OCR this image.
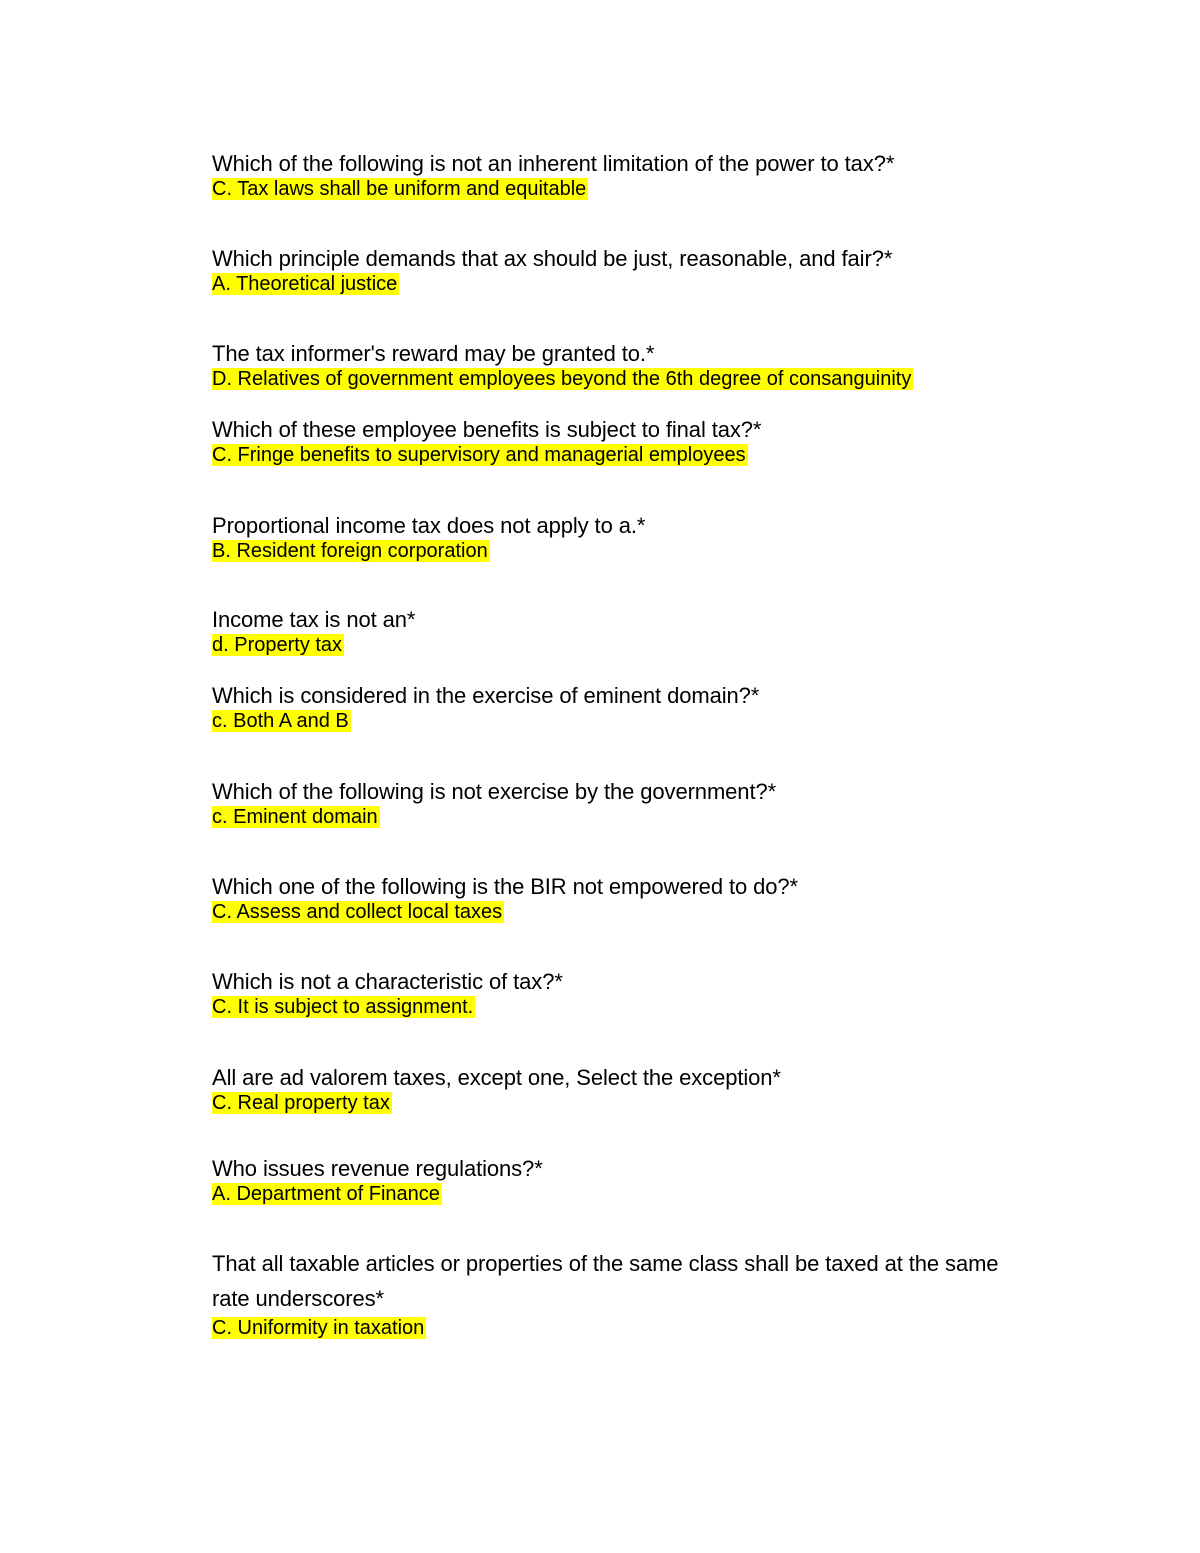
Which of the following is not an inherent limitation of the power to tax?*

C. Tax laws shall be uniform and equitable

Which principle demands that ax should be just, reasonable, and fair?*

A. Theoretical justice

The tax informer's reward may be granted to.*

D. Relatives of government employees beyond the 6th degree of consanguinity

Which of these employee benefits is subject to final tax?*

C. Fringe benefits to supervisory and managerial employees

Proportional income tax does not apply to a.*

B. Resident foreign corporation

Income tax is not an*

d. Property tax

Which is considered in the exercise of eminent domain?*

c. Both A and B

Which of the following is not exercise by the government?*

c. Eminent domain

Which one of the following is the BIR not empowered to do?*

C. Assess and collect local taxes

Which is not a characteristic of tax?*

C. It is subject to assignment.

All are ad valorem taxes, except one, Select the exception*

C. Real property tax

Who issues revenue regulations?*

A. Department of Finance

That all taxable articles or properties of the same class shall be taxed at the same rate underscores*

C. Uniformity in taxation
